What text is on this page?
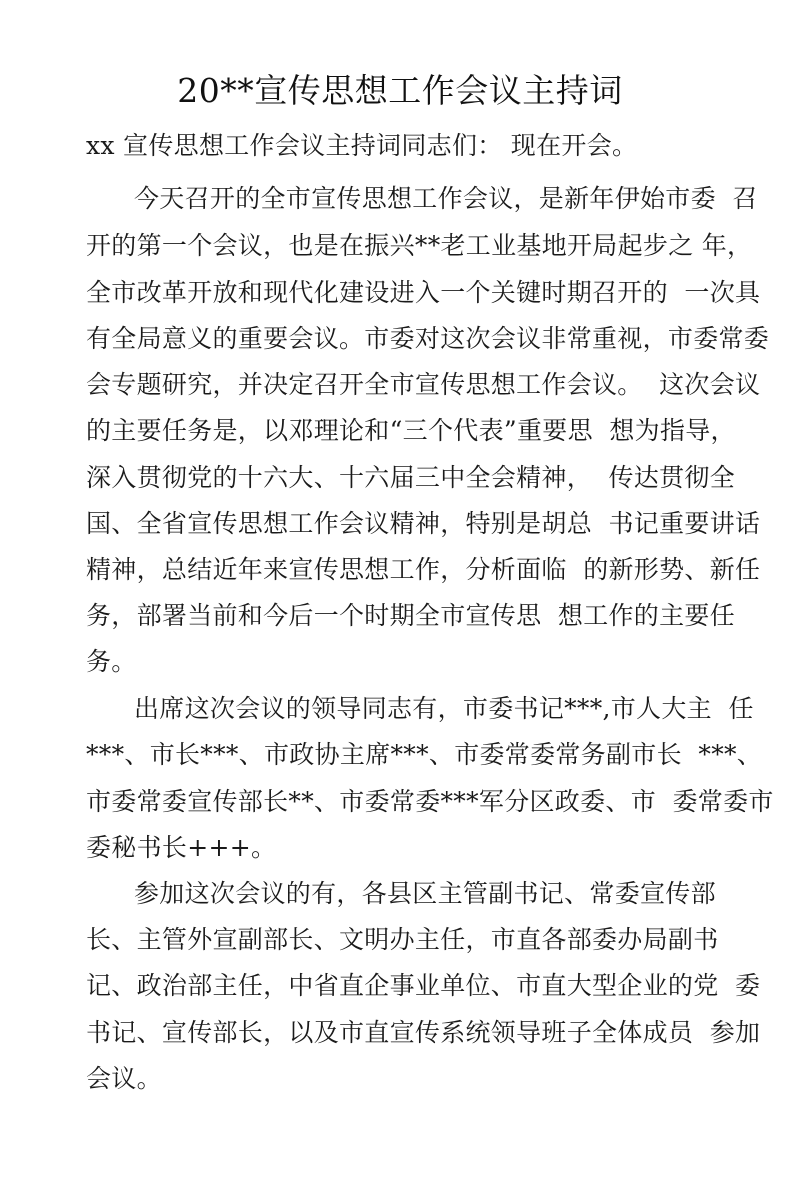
20**宣传思想工作会议主持词
xx 宣传思想工作会议主持词同志们： 现在开会。
今天召开的全市宣传思想工作会议，是新年伊始市委  召
开的第一个会议，也是在振兴**老工业基地开局起步之 年，
全市改革开放和现代化建设进入一个关键时期召开的  一次具
有全局意义的重要会议。市委对这次会议非常重视，市委常委
会专题研究，并决定召开全市宣传思想工作会议。  这次会议
的主要任务是，以邓理论和“三个代表”重要思  想为指导，
深入贯彻党的十六大、十六届三中全会精神，  传达贯彻全
国、全省宣传思想工作会议精神，特别是胡总  书记重要讲话
精神，总结近年来宣传思想工作，分析面临  的新形势、新任
务，部署当前和今后一个时期全市宣传思  想工作的主要任
务。
出席这次会议的领导同志有，市委书记***,市人大主  任
***、市长***、市政协主席***、市委常委常务副市长  ***、
市委常委宣传部长**、市委常委***军分区政委、市  委常委市
委秘书长+++。
参加这次会议的有，各县区主管副书记、常委宣传部
长、主管外宣副部长、文明办主任，市直各部委办局副书
记、政治部主任，中省直企事业单位、市直大型企业的党  委
书记、宣传部长，以及市直宣传系统领导班子全体成员  参加
会议。
